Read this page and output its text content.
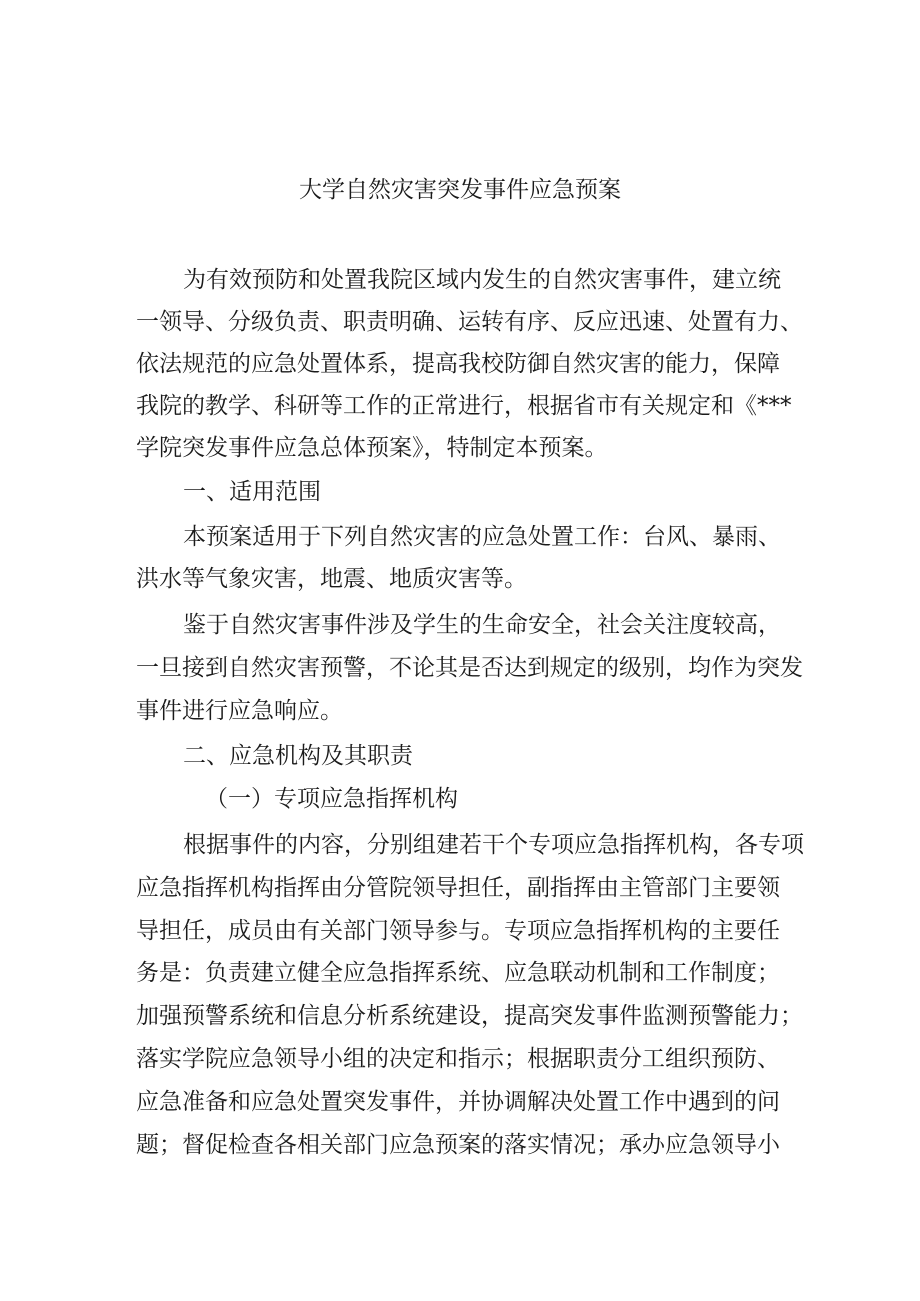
大学自然灾害突发事件应急预案
为有效预防和处置我院区域内发生的自然灾害事件，建立统
一领导、分级负责、职责明确、运转有序、反应迅速、处置有力、
依法规范的应急处置体系，提高我校防御自然灾害的能力，保障
我院的教学、科研等工作的正常进行，根据省市有关规定和《***
学院突发事件应急总体预案》，特制定本预案。
一、适用范围
本预案适用于下列自然灾害的应急处置工作：台风、暴雨、
洪水等气象灾害，地震、地质灾害等。
鉴于自然灾害事件涉及学生的生命安全，社会关注度较高，
一旦接到自然灾害预警，不论其是否达到规定的级别，均作为突发
事件进行应急响应。
二、应急机构及其职责
（一）专项应急指挥机构
根据事件的内容，分别组建若干个专项应急指挥机构，各专项
应急指挥机构指挥由分管院领导担任，副指挥由主管部门主要领
导担任，成员由有关部门领导参与。专项应急指挥机构的主要任
务是：负责建立健全应急指挥系统、应急联动机制和工作制度；
加强预警系统和信息分析系统建设，提高突发事件监测预警能力；
落实学院应急领导小组的决定和指示；根据职责分工组织预防、
应急准备和应急处置突发事件，并协调解决处置工作中遇到的问
题；督促检查各相关部门应急预案的落实情况；承办应急领导小
